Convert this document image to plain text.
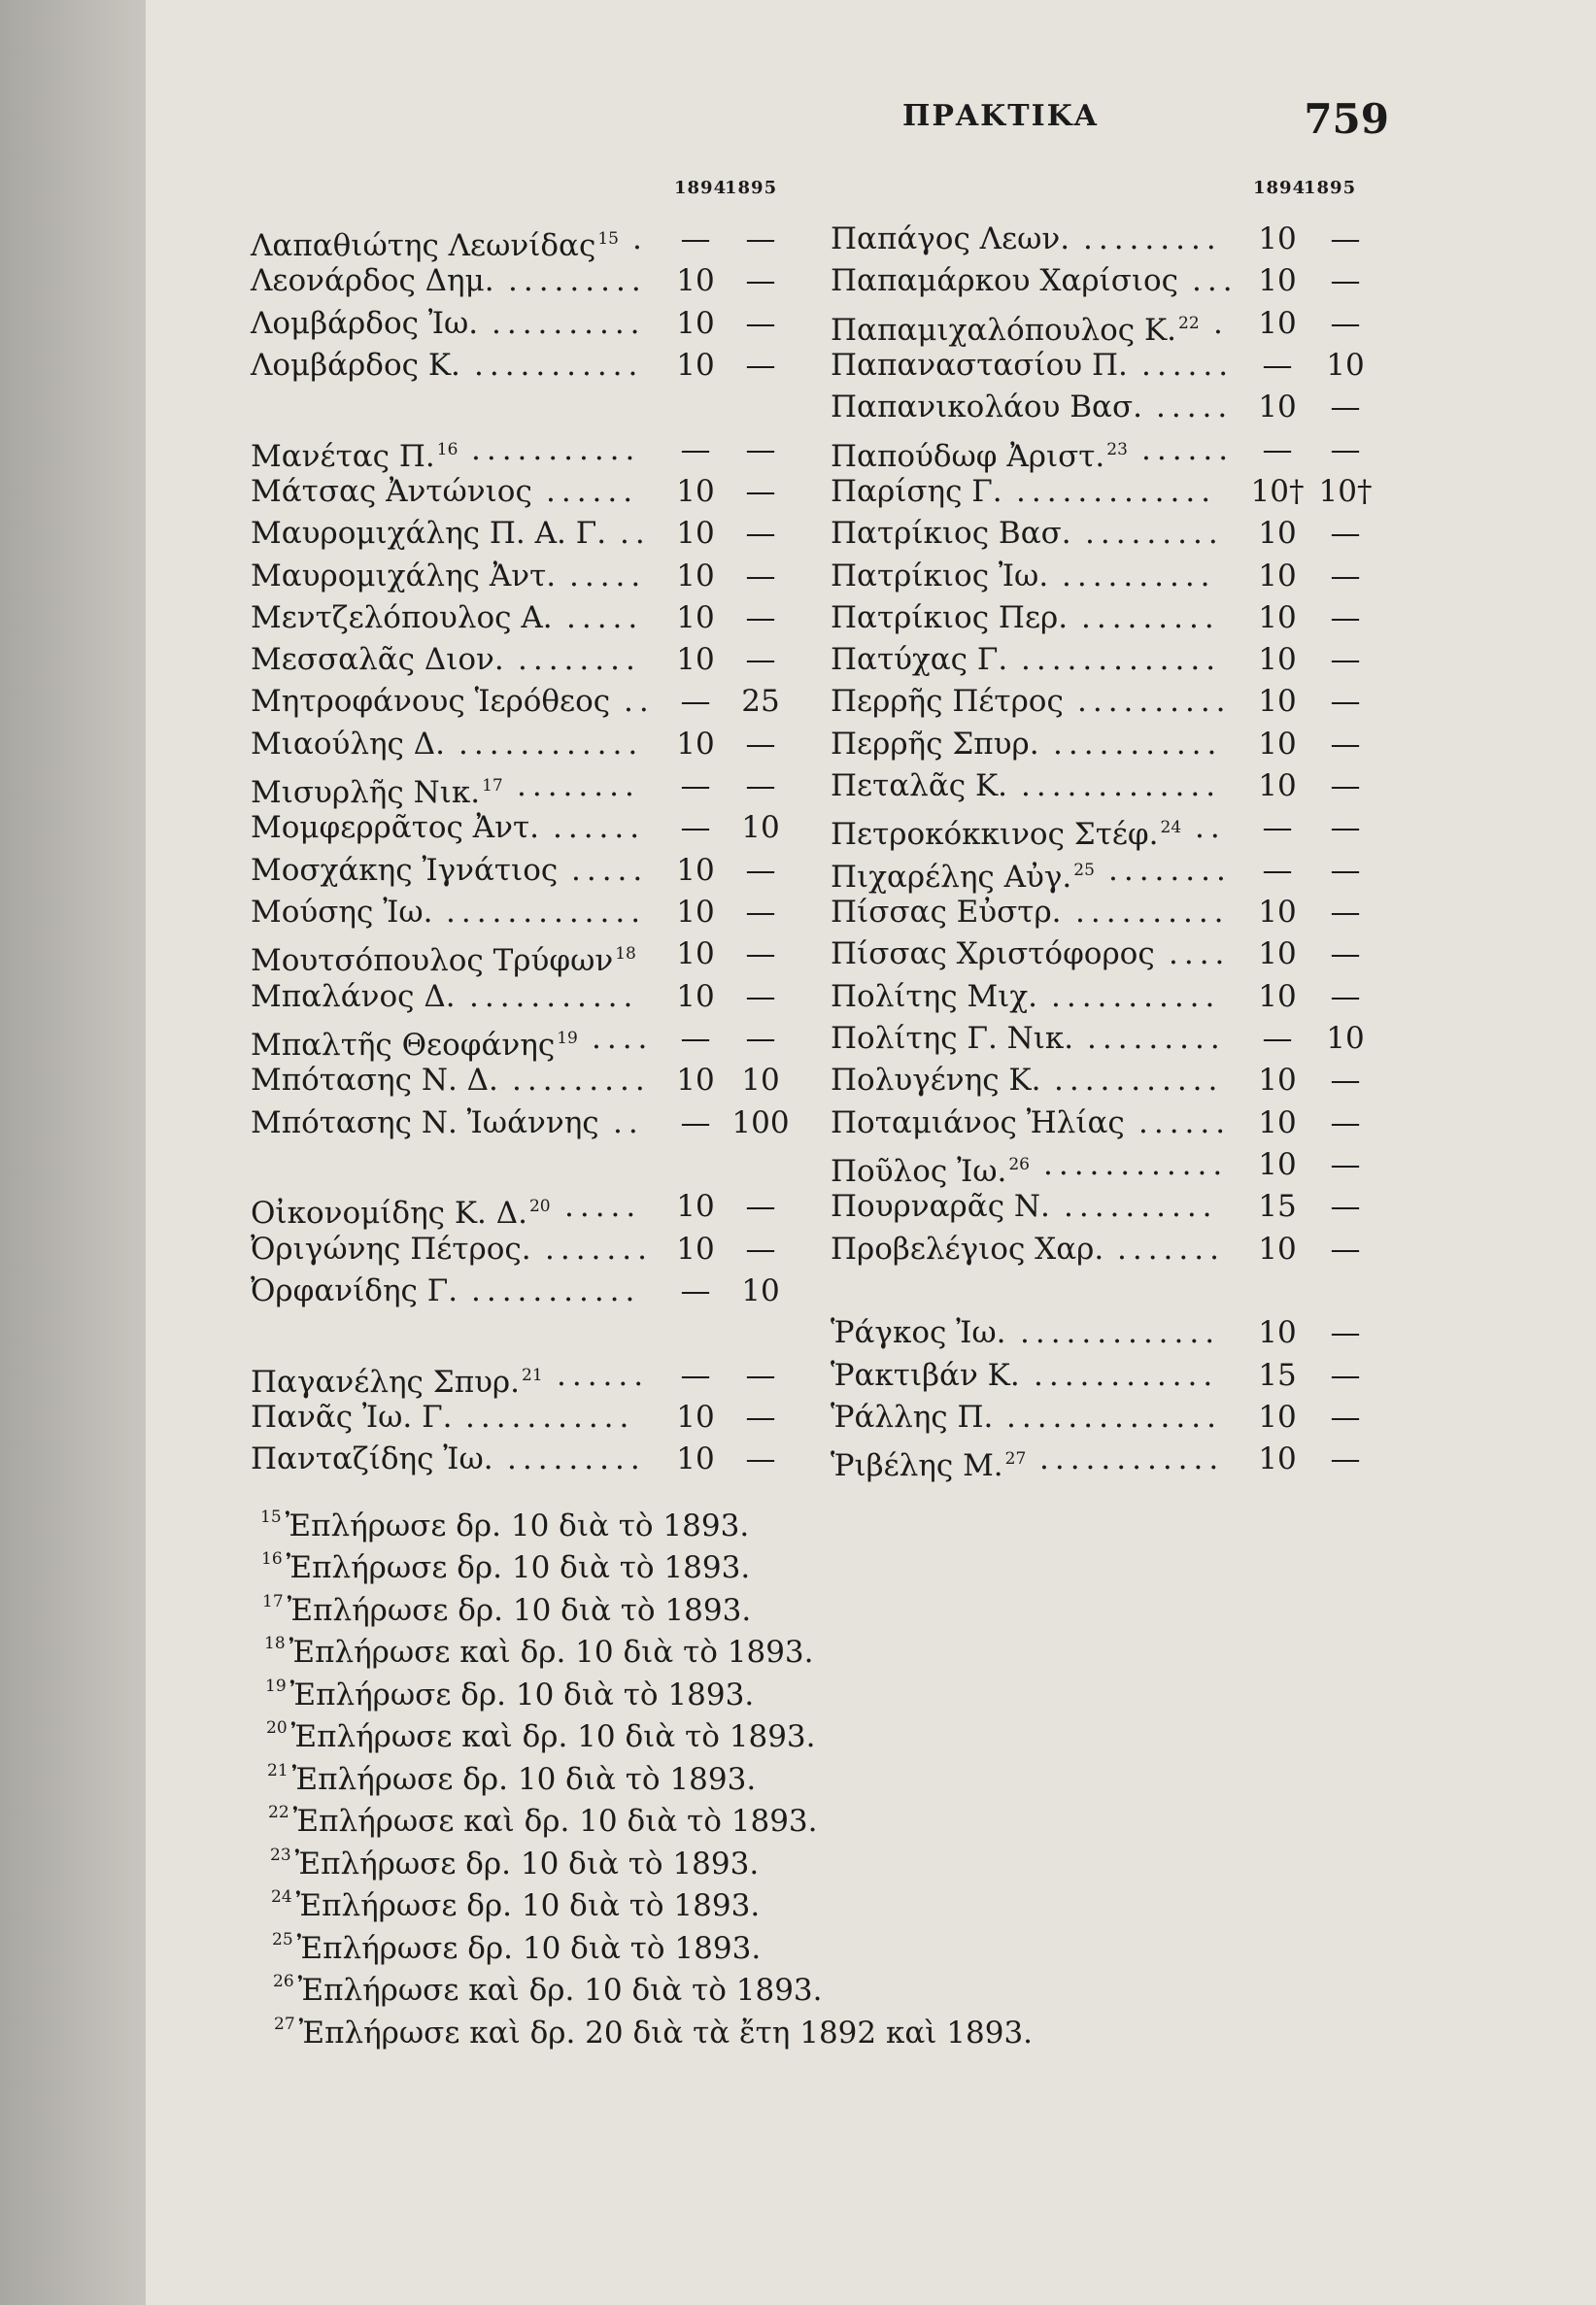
ΠΡΑΚΤΙΚΑ	759
18941895	18941895
Λαπαθιώτης Λεωνίδας $^{15}$ .	—	—
Λεονάρδος Δημ. ......... 10	—
Λομβάρδος Ἰω. ..........	10	—
Λομβάρδος Κ. ...........	10	—
Μανέτας Π. $^{16}$ ...........	—	—
Μάτσας Ἀντώνιος ......	10	—
Μαυρομιχάλης Π. Α. Γ. .. 10	—
Μαυρομιχάλης Ἀντ. ..... 10	—
Μεντζελόπουλος Α. .....	10	—
Μεσσαλᾶς Διον. ........	10	—
Μητροφάνους Ἱερόθεος .. —	25
Μιαούλης Δ. ............	10	—
Μισυρλῆς Νικ. $^{17}$ ........	—	—
Μομφερρᾶτος Ἀντ. ......	—	10
Μοσχάκης Ἰγνάτιος ..... 10	—
Μούσης Ἰω. .............	10	—
Μουτσόπουλος Τρύφων $^{18}$	10	—
Μπαλάνος Δ. ...........	10	—
Μπαλτῆς Θεοφάνης $^{19}$ .... —	—
Μπότασης Ν. Δ. ......... 10 10
Μπότασης Ν. Ἰωάννης ..	— 100
Οἰκονομίδης Κ. Δ. $^{20}$ .....	10	—
Ὀριγώνης Πέτρος. ....... 10	—
Ὀρφανίδης Γ. ...........	—	10
Παγανέλης Σπυρ. $^{21}$ ......	—	—
Πανᾶς Ἰω. Γ. ...........	10	—
Πανταζίδης Ἰω. .........	10	—
Παπάγος Λεων. .........	10	—
Παπαμάρκου Χαρίσιος ... 10	—
Παπαμιχαλόπουλος Κ. $^{22}$ . 10	—
Παπαναστασίου Π. ...... —	10
Παπανικολάου Βασ. ..... 10	—
Παπούδωφ Ἀριστ. $^{23}$ ...... —	—
Παρίσης Γ. .............	10† 10†
Πατρίκιος Βασ. .........	10	—
Πατρίκιος Ἰω. ..........	10	—
Πατρίκιος Περ. .........	10	—
Πατύχας Γ. .............	10	—
Περρῆς Πέτρος .......... 10	—
Περρῆς Σπυρ. ...........	10	—
Πεταλᾶς Κ. .............	10	—
Πετροκόκκινος Στέφ. $^{24}$ ..	—	—
Πιχαρέλης Αὐγ. $^{25}$ ........	—	—
Πίσσας Εὐστρ. .......... 10	—
Πίσσας Χριστόφορος .... 10	—
Πολίτης Μιχ. ...........	10	—
Πολίτης Γ. Νικ. .........	—	10
Πολυγένης Κ. ...........	10	—
Ποταμιάνος Ἠλίας ...... 10	—
Ποῦλος Ἰω. $^{26}$ ............	10	—
Πουρναρᾶς Ν. ..........	15	—
Προβελέγιος Χαρ. .......	10	—
Ῥάγκος Ἰω. .............	10	—
Ῥακτιβάν Κ. ............	15	—
Ῥάλλης Π. ..............	10	—
Ῥιβέλης Μ. $^{27}$ ............	10	—
$^{15}$ Ἐπλήρωσε δρ. 10 διὰ τὸ 1893.
$^{16}$ Ἐπλήρωσε δρ. 10 διὰ τὸ 1893.
$^{17}$ Ἐπλήρωσε δρ. 10 διὰ τὸ 1893.
$^{18}$ Ἐπλήρωσε καὶ δρ. 10 διὰ τὸ 1893.
$^{19}$ Ἐπλήρωσε δρ. 10 διὰ τὸ 1893.
$^{20}$ Ἐπλήρωσε καὶ δρ. 10 διὰ τὸ 1893.
$^{21}$ Ἐπλήρωσε δρ. 10 διὰ τὸ 1893.
$^{22}$ Ἐπλήρωσε καὶ δρ. 10 διὰ τὸ 1893.
$^{23}$ Ἐπλήρωσε δρ. 10 διὰ τὸ 1893.
$^{24}$ Ἐπλήρωσε δρ. 10 διὰ τὸ 1893.
$^{25}$ Ἐπλήρωσε δρ. 10 διὰ τὸ 1893.
$^{26}$ Ἐπλήρωσε καὶ δρ. 10 διὰ τὸ 1893.
$^{27}$ Ἐπλήρωσε καὶ δρ. 20 διὰ τὰ ἔτη 1892 καὶ 1893.
